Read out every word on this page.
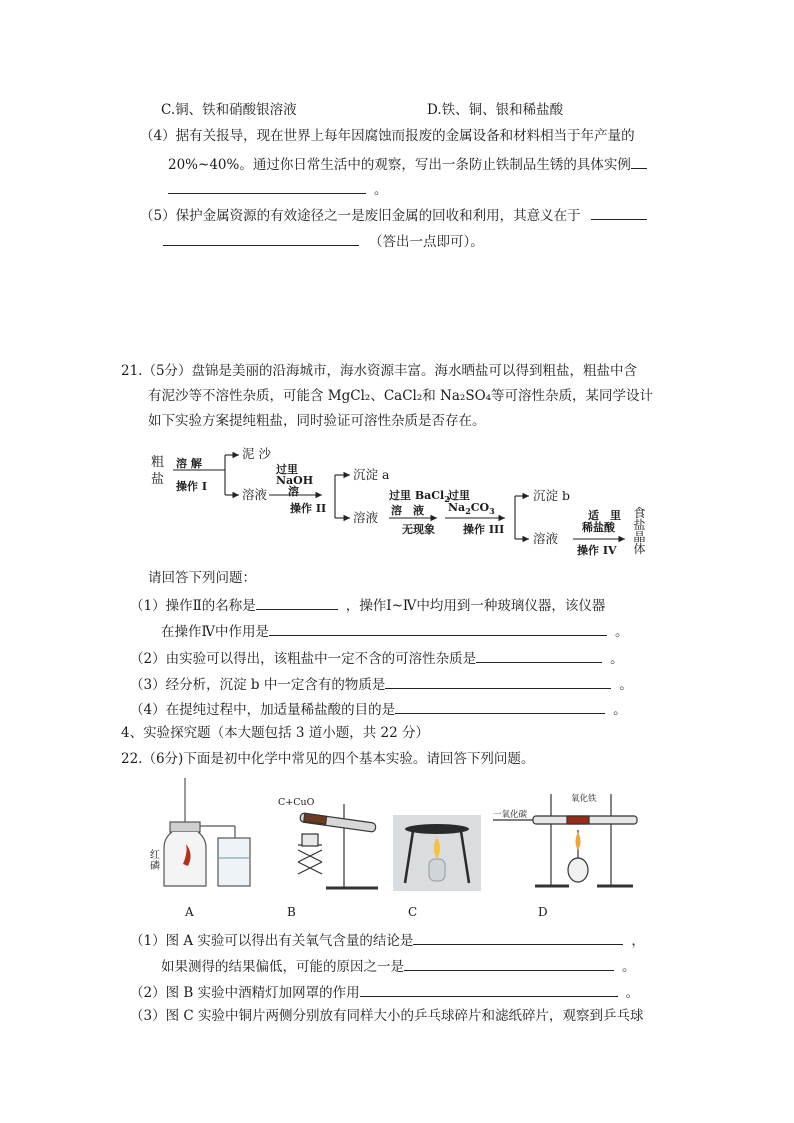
C.铜、铁和硝酸银溶液	D.铁、铜、银和稀盐酸
（4）据有关报导，现在世界上每年因腐蚀而报废的金属设备和材料相当于年产量的
20%~40%。通过你日常生活中的观察，写出一条防止铁制品生锈的具体实例
。
（5）保护金属资源的有效途径之一是废旧金属的回收和利用，其意义在于
（答出一点即可）。
21.（5分）盘锦是美丽的沿海城市，海水资源丰富。海水晒盐可以得到粗盐，粗盐中含
有泥沙等不溶性杂质，可能含 MgCl₂、CaCl₂和 Na₂SO₄等可溶性杂质，某同学设计
如下实验方案提纯粗盐，同时验证可溶性杂质是否存在。
粗
盐
溶 解
操作 I
泥 沙
溶液
过里
NaOH
溶
操作 II
沉淀 a
溶液
过里 BaCl$_2$
溶　液
无现象
过里
$Na_2CO_3$
操作 III
沉淀 b
溶液
适　里
稀盐酸
操作 IV
食
盐
晶
体
请回答下列问题：
（1）操作Ⅱ的名称是	，操作Ⅰ~Ⅳ中均用到一种玻璃仪器，该仪器
在操作Ⅳ中作用是	。
（2）由实验可以得出，该粗盐中一定不含的可溶性杂质是	。
（3）经分析，沉淀 b 中一定含有的物质是	。
（4）在提纯过程中，加适量稀盐酸的目的是	。
4、实验探究题（本大题包括 3 道小题，共 22 分）
22.（6分)下面是初中化学中常见的四个基本实验。请回答下列问题。
红
磷
A
C+CuO
B	C
一氧化碳
氧化铁
D
（1）图 A 实验可以得出有关氧气含量的结论是	，
如果测得的结果偏低，可能的原因之一是	。
（2）图 B 实验中酒精灯加网罩的作用	。
（3）图 C 实验中铜片两侧分别放有同样大小的乒乓球碎片和滤纸碎片，观察到乒乓球
